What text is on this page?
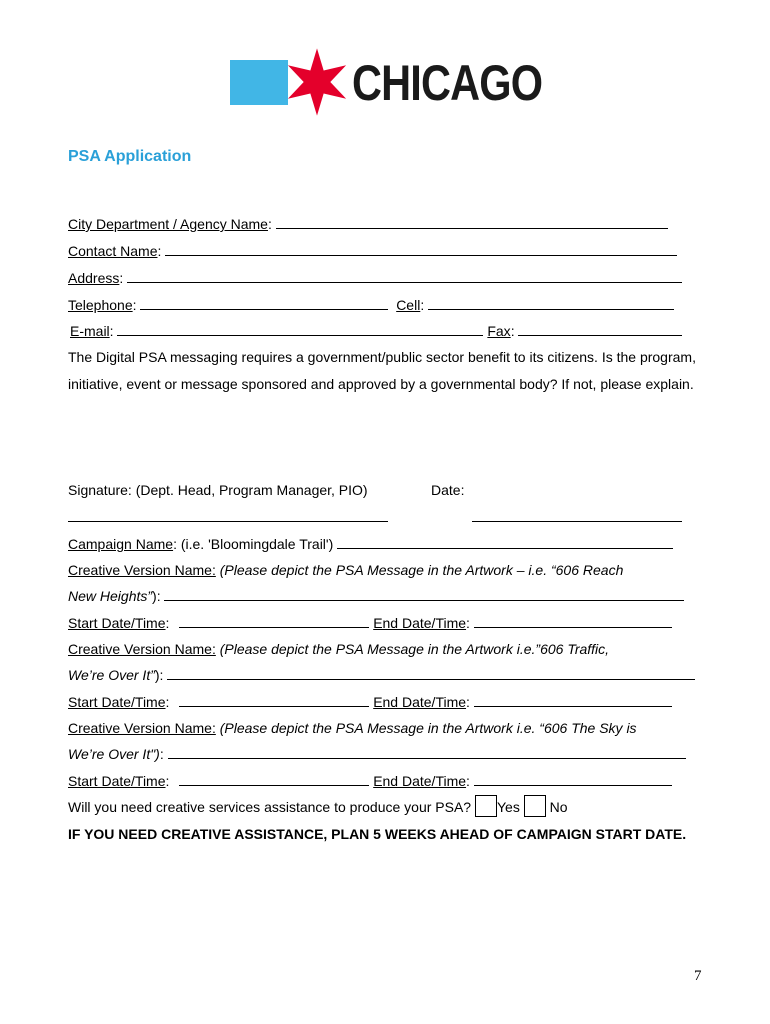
CHICAGO
PSA Application
City Department / Agency Name:
Contact Name:
Address:
Telephone:	Cell:
E-mail:	Fax:
The Digital PSA messaging requires a government/public sector benefit to its citizens. Is the program, initiative, event or message sponsored and approved by a governmental body? If not, please explain.
Signature: (Dept. Head, Program Manager, PIO)	Date:
Campaign Name: (i.e. 'Bloomingdale Trail')
Creative Version Name: (Please depict the PSA Message in the Artwork – i.e. “606 Reach
New Heights”):
Start Date/Time:	End Date/Time:
Creative Version Name: (Please depict the PSA Message in the Artwork i.e.”606 Traffic,
We’re Over It”):
Start Date/Time:	End Date/Time:
Creative Version Name: (Please depict the PSA Message in the Artwork i.e. “606 The Sky is
We’re Over It"):
Start Date/Time:	End Date/Time:
Will you need creative services assistance to produce your PSA? Yes No
IF YOU NEED CREATIVE ASSISTANCE, PLAN 5 WEEKS AHEAD OF CAMPAIGN START DATE.
7
